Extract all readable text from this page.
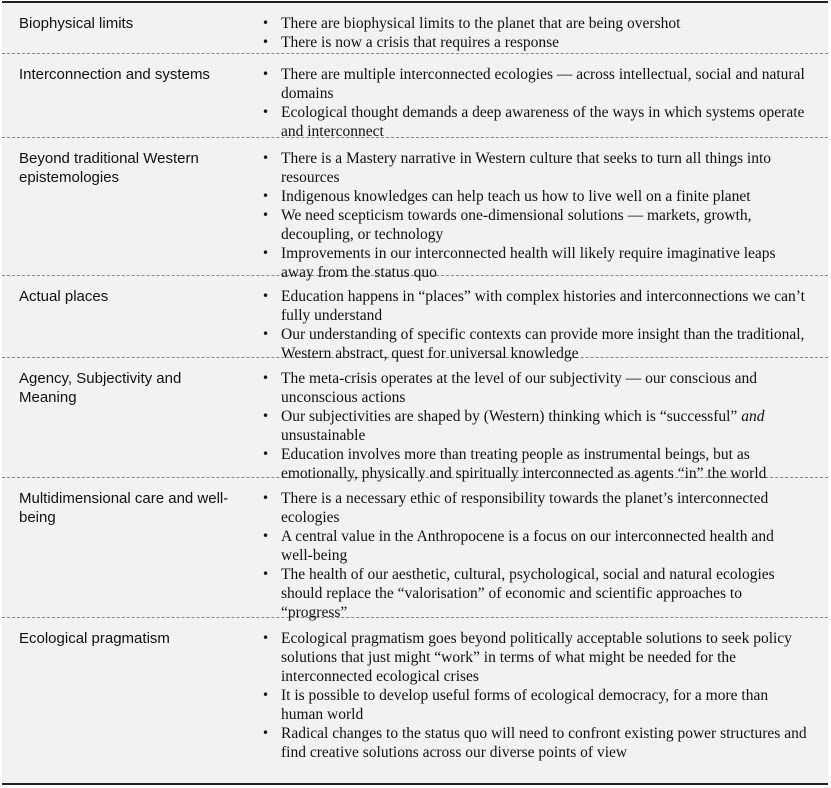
Biophysical limits	• There are biophysical limits to the planet that are being overshot
• There is now a crisis that requires a response
Interconnection and systems	• There are multiple interconnected ecologies — across intellectual, social and natural domains
• Ecological thought demands a deep awareness of the ways in which systems operate and interconnect
Beyond traditional Western epistemologies
• There is a Mastery narrative in Western culture that seeks to turn all things into resources
• Indigenous knowledges can help teach us how to live well on a finite planet
• We need scepticism towards one-dimensional solutions — markets, growth, decoupling, or technology
• Improvements in our interconnected health will likely require imaginative leaps away from the status quo
Actual places	• Education happens in “places” with complex histories and interconnections we can’t fully understand
• Our understanding of specific contexts can provide more insight than the traditional, Western abstract, quest for universal knowledge
Agency, Subjectivity and Meaning
• The meta-crisis operates at the level of our subjectivity — our conscious and unconscious actions
• Our subjectivities are shaped by (Western) thinking which is “successful” and unsustainable
• Education involves more than treating people as instrumental beings, but as emotionally, physically and spiritually interconnected as agents “in” the world
Multidimensional care and well-being
• There is a necessary ethic of responsibility towards the planet’s interconnected ecologies
• A central value in the Anthropocene is a focus on our interconnected health and well-being
• The health of our aesthetic, cultural, psychological, social and natural ecologies should replace the “valorisation” of economic and scientific approaches to “progress”
Ecological pragmatism	• Ecological pragmatism goes beyond politically acceptable solutions to seek policy solutions that just might “work” in terms of what might be needed for the interconnected ecological crises
• It is possible to develop useful forms of ecological democracy, for a more than human world
• Radical changes to the status quo will need to confront existing power structures and find creative solutions across our diverse points of view
